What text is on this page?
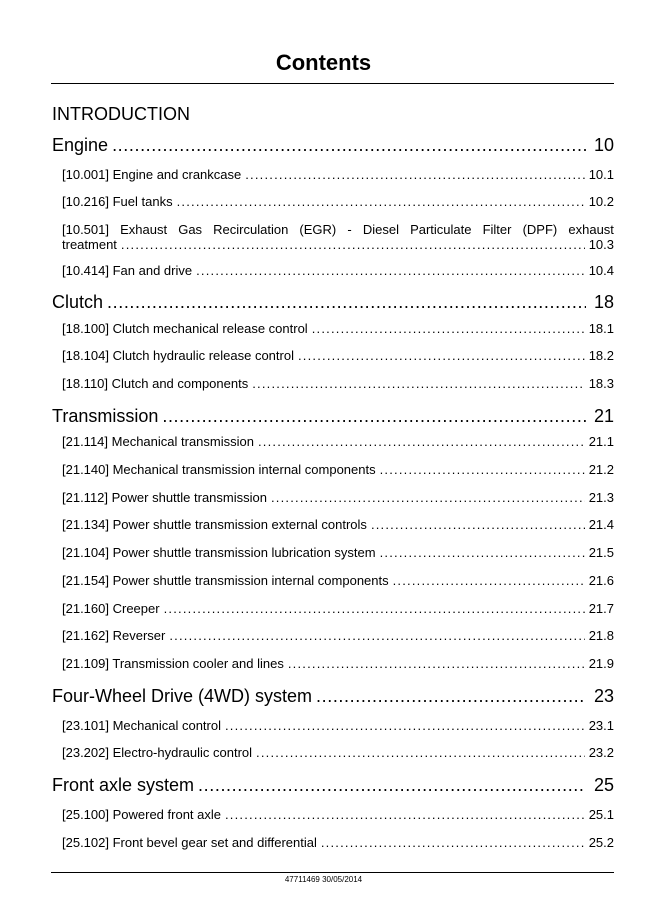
Contents
INTRODUCTION
Engine .....	10
[10.001] Engine and crankcase .....	10.1
[10.216] Fuel tanks .....	10.2
[10.501] Exhaust Gas Recirculation (EGR) - Diesel Particulate Filter (DPF) exhaust
treatment .....	10.3
[10.414] Fan and drive .....	10.4
Clutch .....	18
[18.100] Clutch mechanical release control .....	18.1
[18.104] Clutch hydraulic release control .....	18.2
[18.110] Clutch and components .....	18.3
Transmission .....	21
[21.114] Mechanical transmission .....	21.1
[21.140] Mechanical transmission internal components .....	21.2
[21.112] Power shuttle transmission .....	21.3
[21.134] Power shuttle transmission external controls .....	21.4
[21.104] Power shuttle transmission lubrication system .....	21.5
[21.154] Power shuttle transmission internal components .....	21.6
[21.160] Creeper .....	21.7
[21.162] Reverser .....	21.8
[21.109] Transmission cooler and lines .....	21.9
Four-Wheel Drive (4WD) system .....	23
[23.101] Mechanical control .....	23.1
[23.202] Electro-hydraulic control .....	23.2
Front axle system .....	25
[25.100] Powered front axle .....	25.1
[25.102] Front bevel gear set and differential .....	25.2
47711469 30/05/2014
